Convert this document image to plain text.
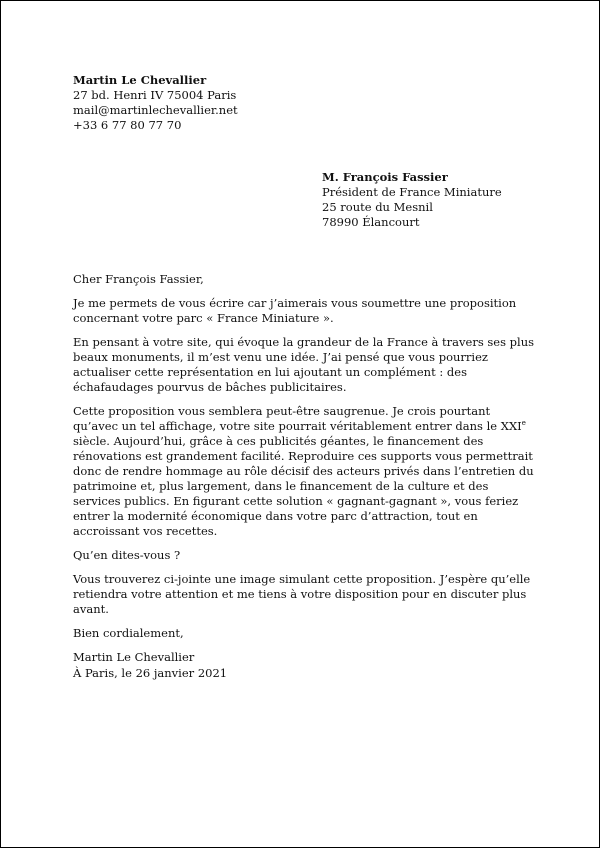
Martin Le Chevallier
27 bd. Henri IV 75004 Paris
mail@martinlechevallier.net
+33 6 77 80 77 70
M. François Fassier
Président de France Miniature
25 route du Mesnil
78990 Élancourt

Cher François Fassier,

Je me permets de vous écrire car j’aimerais vous soumettre une proposition concernant votre parc « France Miniature ».

En pensant à votre site, qui évoque la grandeur de la France à travers ses plus beaux monuments, il m’est venu une idée. J’ai pensé que vous pourriez actualiser cette représentation en lui ajoutant un complément : des échafaudages pourvus de bâches publicitaires.

Cette proposition vous semblera peut-être saugrenue. Je crois pourtant qu’avec un tel affichage, votre site pourrait véritablement entrer dans le XXIe siècle. Aujourd’hui, grâce à ces publicités géantes, le financement des rénovations est grandement facilité. Reproduire ces supports vous permettrait donc de rendre hommage au rôle décisif des acteurs privés dans l’entretien du patrimoine et, plus largement, dans le financement de la culture et des services publics. En figurant cette solution « gagnant-gagnant », vous feriez entrer la modernité économique dans votre parc d’attraction, tout en accroissant vos recettes.

Qu’en dites-vous ?

Vous trouverez ci-jointe une image simulant cette proposition. J’espère qu’elle retiendra votre attention et me tiens à votre disposition pour en discuter plus avant.

Bien cordialement,

Martin Le Chevallier

À Paris, le 26 janvier 2021
